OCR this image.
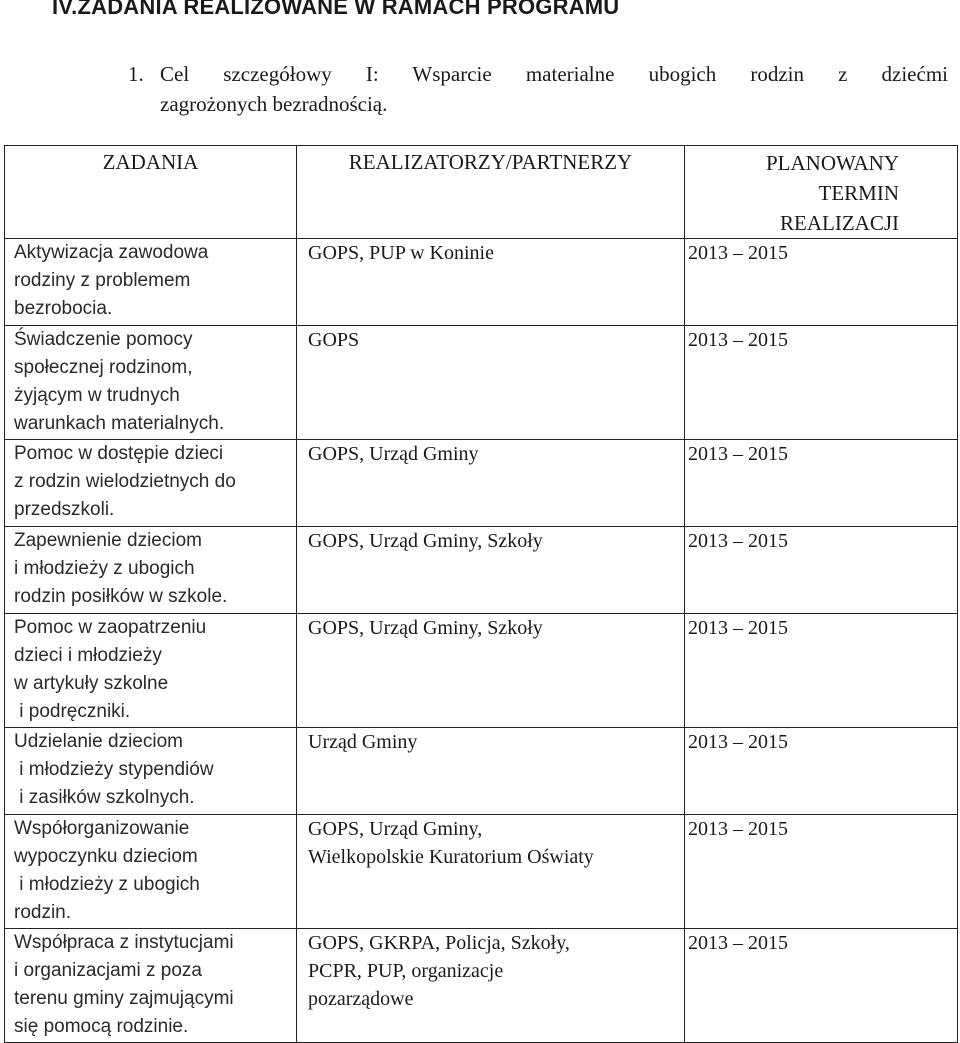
IV.ZADANIA REALIZOWANE W RAMACH PROGRAMU
1. Cel szczegółowy I: Wsparcie materialne ubogich rodzin z dziećmi
zagrożonych bezradnością.
ZADANIA	REALIZATORZY/PARTNERZY	PLANOWANY
TERMIN
REALIZACJI

Aktywizacja zawodowa
rodziny z problemem
bezrobocia.	GOPS, PUP w Koninie	2013 – 2015

Świadczenie pomocy
społecznej rodzinom,
żyjącym w trudnych
warunkach materialnych.	GOPS	2013 – 2015

Pomoc w dostępie dzieci
z rodzin wielodzietnych do
przedszkoli.	GOPS, Urząd Gminy	2013 – 2015

Zapewnienie dzieciom
i młodzieży z ubogich
rodzin posiłków w szkole.	GOPS, Urząd Gminy, Szkoły	2013 – 2015

Pomoc w zaopatrzeniu
dzieci i młodzieży
w artykuły szkolne
i podręczniki.	GOPS, Urząd Gminy, Szkoły	2013 – 2015

Udzielanie dzieciom
i młodzieży stypendiów
i zasiłków szkolnych.	Urząd Gminy	2013 – 2015

Współorganizowanie
wypoczynku dzieciom
i młodzieży z ubogich
rodzin.	GOPS, Urząd Gminy,
Wielkopolskie Kuratorium Oświaty	2013 – 2015

Współpraca z instytucjami
i organizacjami z poza
terenu gminy zajmującymi
się pomocą rodzinie.	GOPS, GKRPA, Policja, Szkoły,
PCPR, PUP, organizacje
pozarządowe	2013 – 2015
